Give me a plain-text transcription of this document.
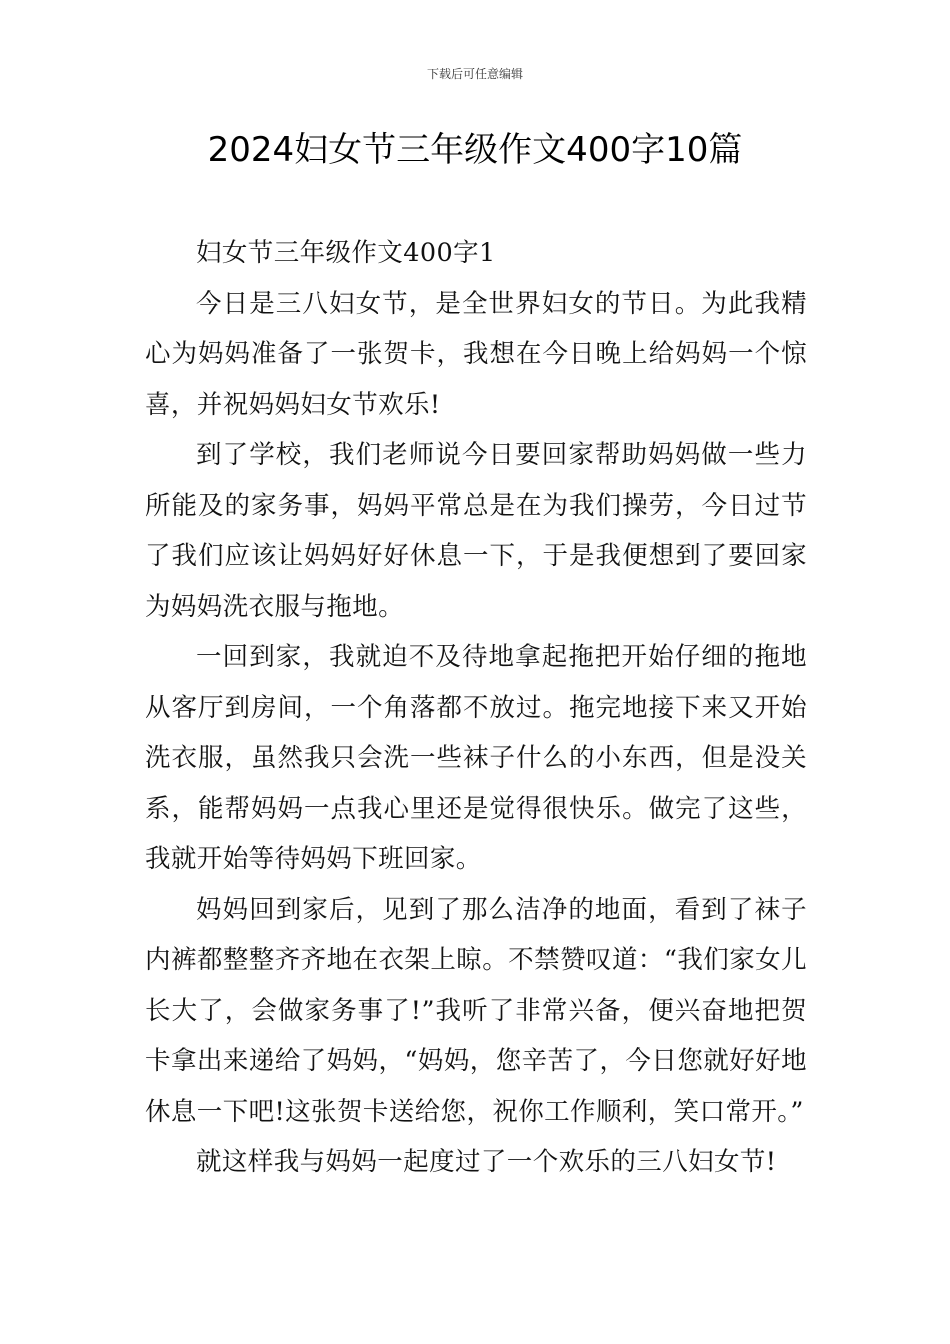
下载后可任意编辑
2024妇女节三年级作文400字10篇

妇女节三年级作文400字1

今日是三八妇女节，是全世界妇女的节日。为此我精心为妈妈准备了一张贺卡，我想在今日晚上给妈妈一个惊喜，并祝妈妈妇女节欢乐!

到了学校，我们老师说今日要回家帮助妈妈做一些力所能及的家务事，妈妈平常总是在为我们操劳，今日过节了我们应该让妈妈好好休息一下，于是我便想到了要回家为妈妈洗衣服与拖地。

一回到家，我就迫不及待地拿起拖把开始仔细的拖地从客厅到房间，一个角落都不放过。拖完地接下来又开始洗衣服，虽然我只会洗一些袜子什么的小东西，但是没关系，能帮妈妈一点我心里还是觉得很快乐。做完了这些，我就开始等待妈妈下班回家。

妈妈回到家后，见到了那么洁净的地面，看到了袜子内裤都整整齐齐地在衣架上晾。不禁赞叹道：“我们家女儿长大了，会做家务事了!”我听了非常兴备，便兴奋地把贺卡拿出来递给了妈妈，“妈妈，您辛苦了，今日您就好好地休息一下吧!这张贺卡送给您，祝你工作顺利，笑口常开。”

就这样我与妈妈一起度过了一个欢乐的三八妇女节!
